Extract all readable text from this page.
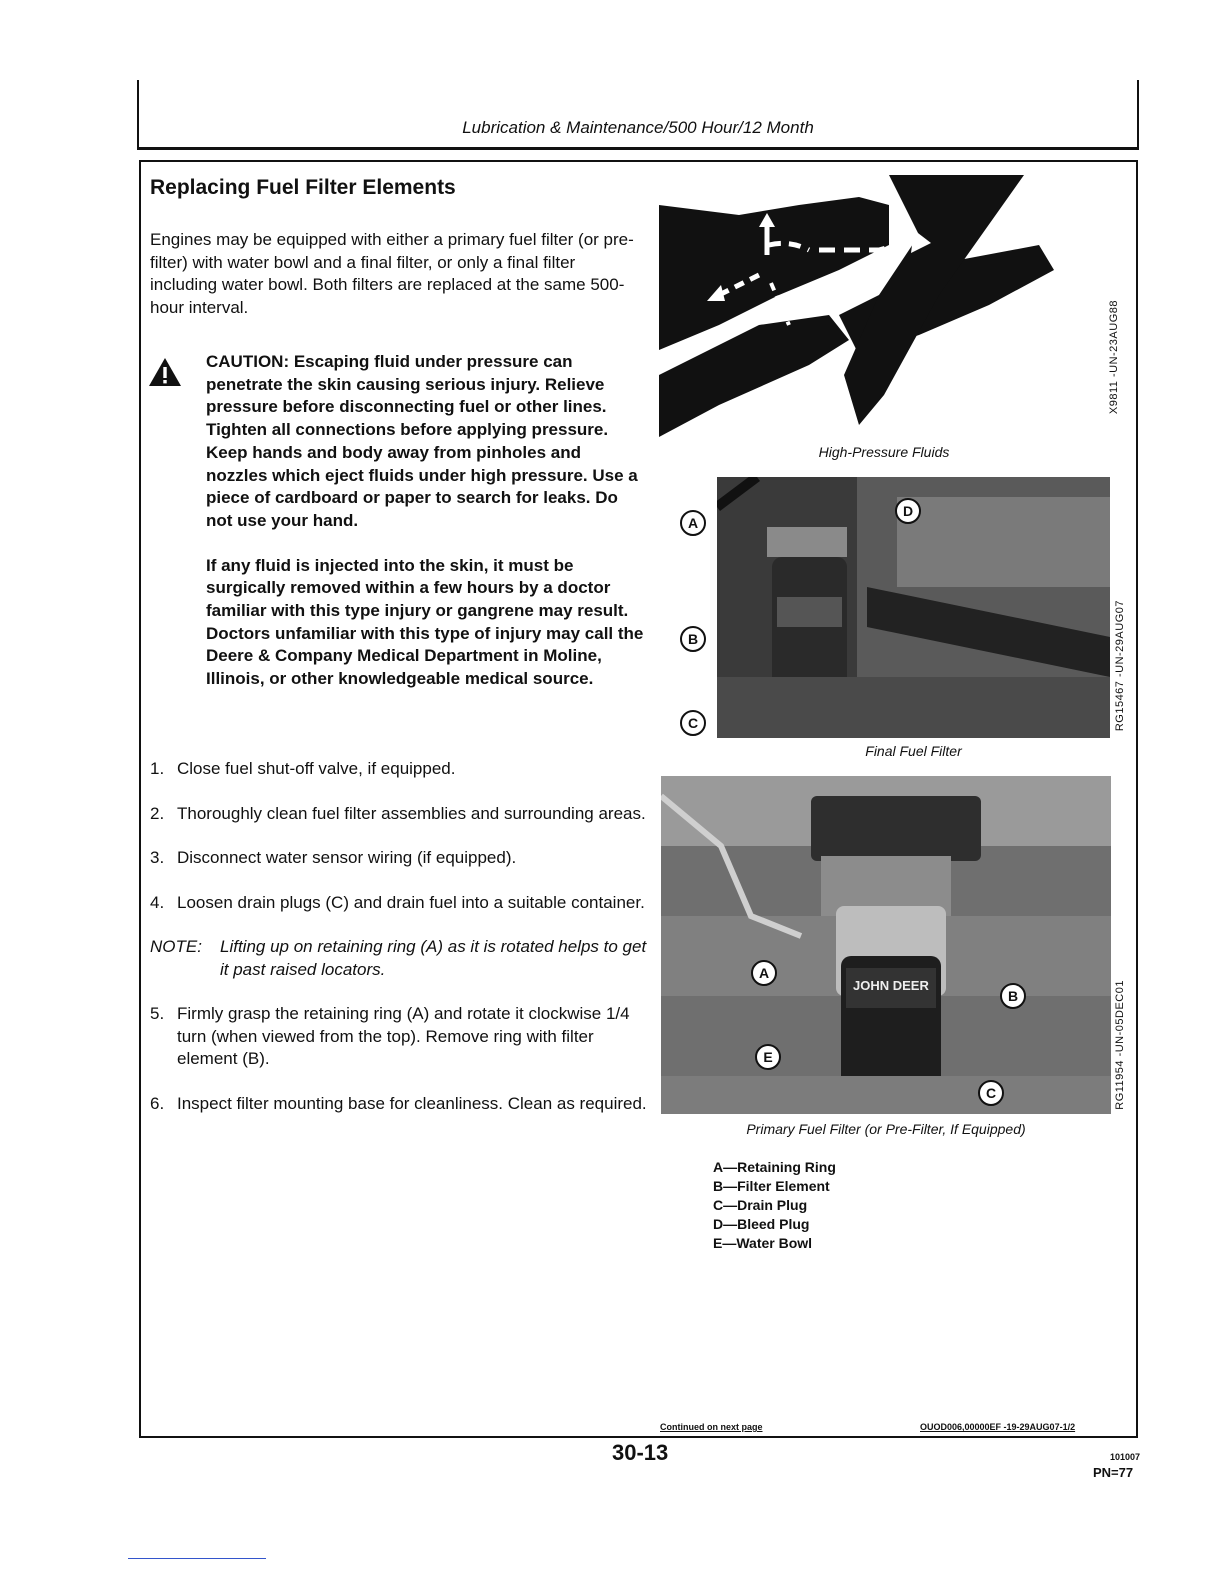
Lubrication & Maintenance/500 Hour/12 Month
Replacing Fuel Filter Elements
Engines may be equipped with either a primary fuel filter (or pre-filter) with water bowl and a final filter, or only a final filter including water bowl. Both filters are replaced at the same 500-hour interval.

CAUTION: Escaping fluid under pressure can penetrate the skin causing serious injury. Relieve pressure before disconnecting fuel or other lines. Tighten all connections before applying pressure. Keep hands and body away from pinholes and nozzles which eject fluids under high pressure. Use a piece of cardboard or paper to search for leaks. Do not use your hand.

If any fluid is injected into the skin, it must be surgically removed within a few hours by a doctor familiar with this type injury or gangrene may result. Doctors unfamiliar with this type of injury may call the Deere & Company Medical Department in Moline, Illinois, or other knowledgeable medical source.

1. Close fuel shut-off valve, if equipped.
2. Thoroughly clean fuel filter assemblies and surrounding areas.
3. Disconnect water sensor wiring (if equipped).
4. Loosen drain plugs (C) and drain fuel into a suitable container.
NOTE:	Lifting up on retaining ring (A) as it is rotated helps to get it past raised locators.
5. Firmly grasp the retaining ring (A) and rotate it clockwise 1/4 turn (when viewed from the top). Remove ring with filter element (B).
6. Inspect filter mounting base for cleanliness. Clean as required.
High-Pressure Fluids
X9811 -UN-23AUG88
A
B
C
D
Final Fuel Filter
RG15467 -UN-29AUG07
JOHN DEER
A
B
C
E
Primary Fuel Filter (or Pre-Filter, If Equipped)
RG11954 -UN-05DEC01
A—Retaining Ring
B—Filter Element
C—Drain Plug
D—Bleed Plug
E—Water Bowl
Continued on next page	OUOD006,00000EF -19-29AUG07-1/2
30-13	101007
PN=77
